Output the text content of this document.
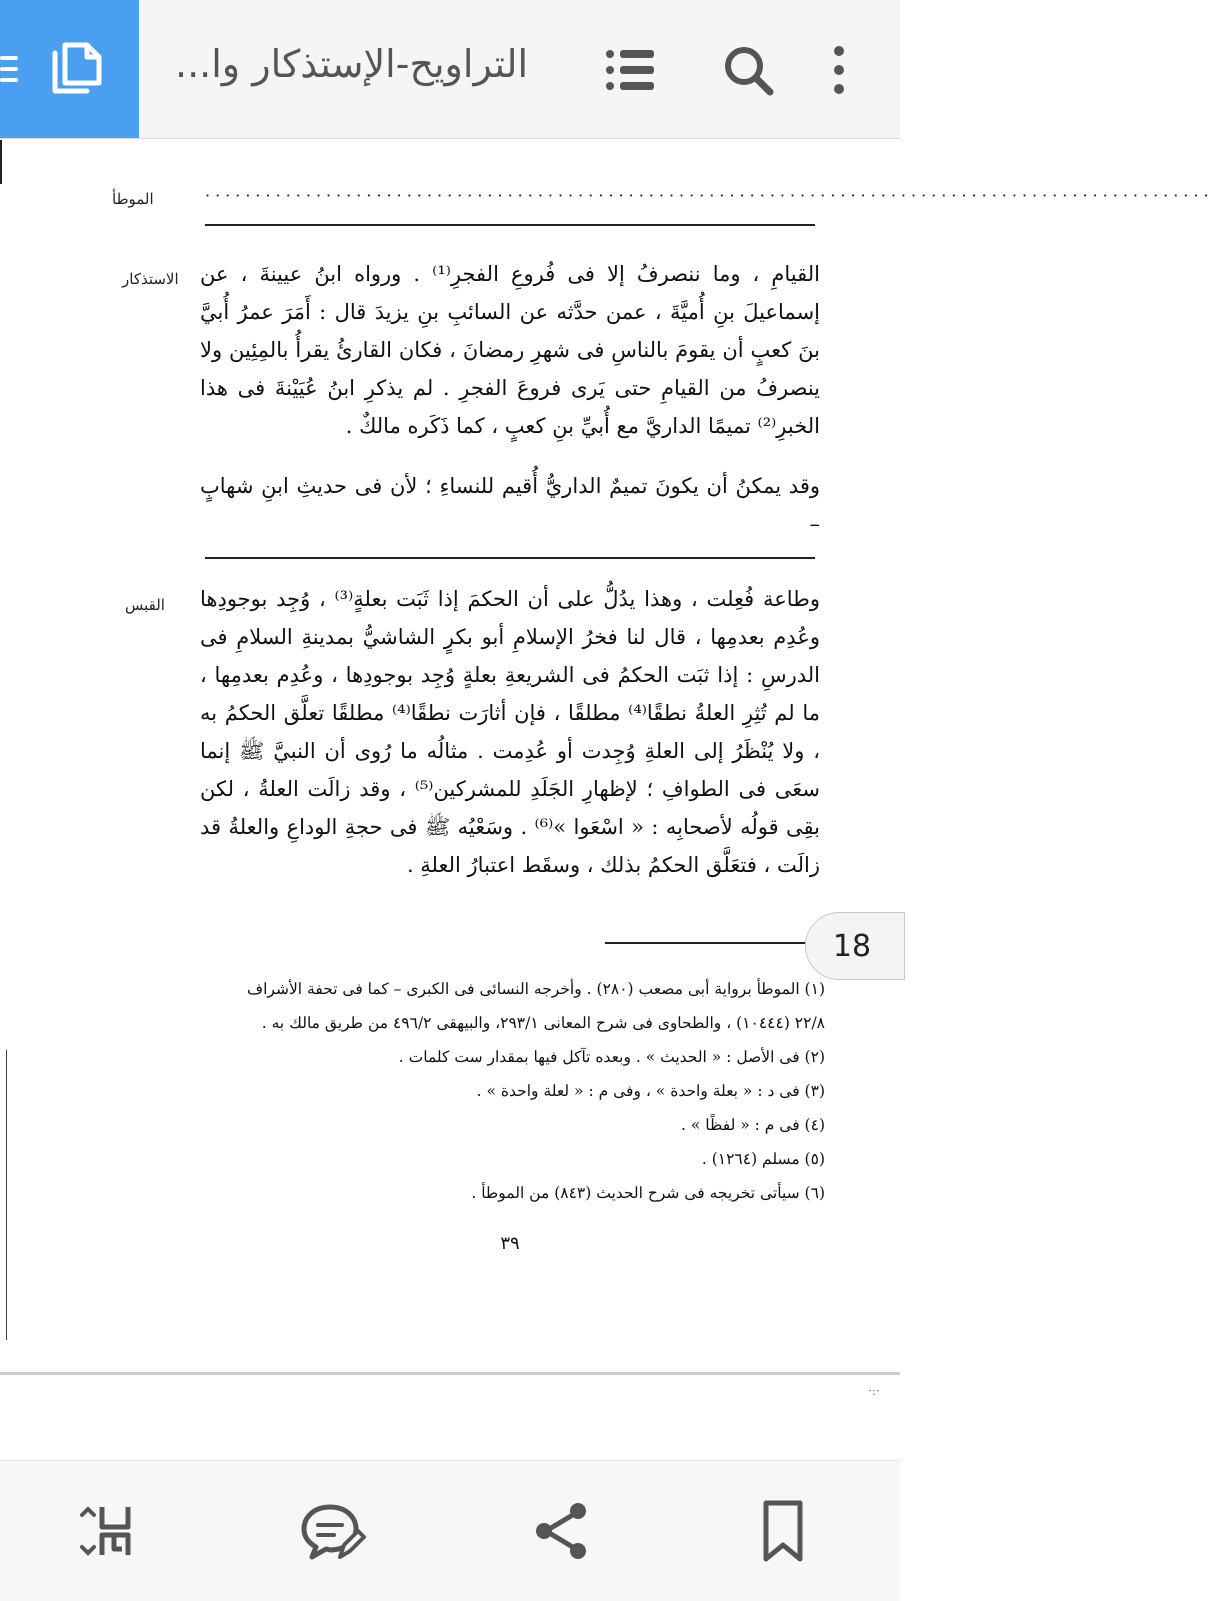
التراويح-الإستذكار وا...
الموطأ	····································································································
الاستذكار القيامِ ، وما ننصرفُ إلا فى فُروعِ الفجرِ⁽¹⁾ . ورواه ابنُ عيينةَ ، عن إسماعيلَ بنِ أُميَّةَ ، عمن حدَّثه عن السائبِ بنِ يزيدَ قال : أَمَرَ عمرُ أُبيَّ بنَ كعبٍ أن يقومَ بالناسِ فى شهرِ رمضانَ ، فكان القارئُ يقرأُ بالمِئِين ولا ينصرفُ من القيامِ حتى يَرى فروعَ الفجرِ . لم يذكرِ ابنُ عُيَيْنةَ فى هذا الخبرِ⁽²⁾ تميمًا الداريَّ مع أُبيِّ بنِ كعبٍ ، كما ذَكَره مالكٌ .

وقد يمكنُ أن يكونَ تميمٌ الداريُّ أُقيم للنساءِ ؛ لأن فى حديثِ ابنِ شهابٍ –

القبس	وطاعة فُعِلت ، وهذا يدُلُّ على أن الحكمَ إذا ثَبَت بعلةٍ⁽³⁾ ، وُجِد بوجودِها وعُدِم بعدمِها ، قال لنا فخرُ الإسلامِ أبو بكرٍ الشاشيُّ بمدينةِ السلامِ فى الدرسِ : إذا ثبَت الحكمُ فى الشريعةِ بعلةٍ وُجِد بوجودِها ، وعُدِم بعدمِها ، ما لم تُثِرِ العلةُ نطقًا⁽⁴⁾ مطلقًا ، فإن أثارَت نطقًا⁽⁴⁾ مطلقًا تعلَّق الحكمُ به ، ولا يُنْظَرُ إلى العلةِ وُجِدت أو عُدِمت . مثالُه ما رُوى أن النبيَّ ﷺ إنما سعَى فى الطوافِ ؛ لإظهارِ الجَلَدِ للمشركين⁽⁵⁾ ، وقد زالَت العلةُ ، لكن بقِى قولُه لأصحابِه : « اسْعَوا »⁽⁶⁾ . وسَعْيُه ﷺ فى حجةِ الوداعِ والعلةُ قد زالَت ، فتعَلَّق الحكمُ بذلك ، وسقَط اعتبارُ العلةِ .
18
(١) الموطأ برواية أبى مصعب (٢٨٠) . وأخرجه النسائى فى الكبرى – كما فى تحفة الأشراف
٢٢/٨ (١٠٤٤٤) ، والطحاوى فى شرح المعانى ٢٩٣/١، والبيهقى ٤٩٦/٢ من طريق مالك به .
(٢) فى الأصل : « الحديث » . وبعده تآكل فيها بمقدار ست كلمات .
(٣) فى د : « بعلة واحدة » ، وفى م : « لعلة واحدة » .
(٤) فى م : « لفظًا » .
(٥) مسلم (١٢٦٤) .
(٦) سيأتى تخريجه فى شرح الحديث (٨٤٣) من الموطأ .
٣٩
·:·
